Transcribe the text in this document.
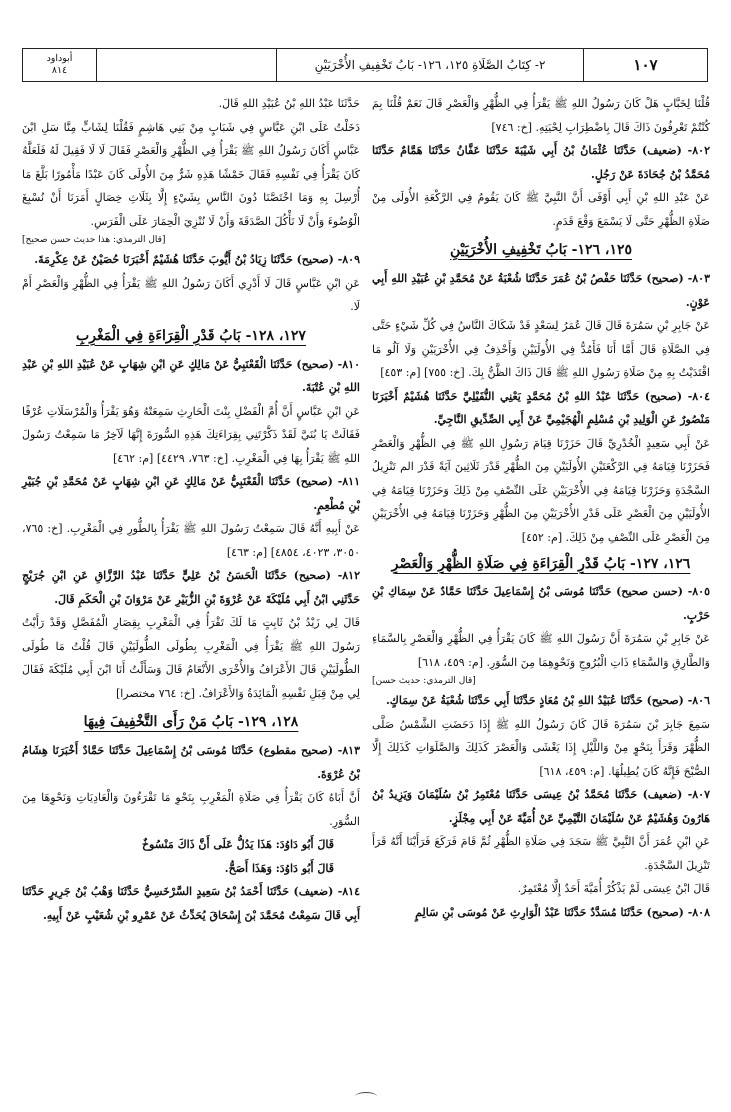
١٠٧
٢- كِتَابُ الصَّلَاةِ ١٢٥، ١٢٦- بَابُ تَخْفِيفِ الأُخْرَيَيْنِ
أبوداود
٨١٤

قُلْنَا لِخَبَّابٍ هَلْ كَانَ رَسُولُ اللهِ ﷺ يَقْرَأُ فِي الظُّهْرِ وَالْعَصْرِ قَالَ نَعَمْ قُلْنَا بِمَ كُنْتُمْ تَعْرِفُونَ ذَاكَ قَالَ بِاضْطِرَابِ لِحْيَتِهِ. [خ: ٧٤٦]

٨٠٢- (ضعيف) حَدَّثَنَا عُثْمَانُ بْنُ أَبِي شَيْبَةَ حَدَّثَنَا عَفَّانُ حَدَّثَنَا هَمَّامٌ حَدَّثَنَا مُحَمَّدُ بْنُ جُحَادَةَ عَنْ رَجُلٍ.

عَنْ عَبْدِ اللهِ بْنِ أَبِي أَوْفَى أَنَّ النَّبِيَّ ﷺ كَانَ يَقُومُ فِي الرَّكْعَةِ الأُولَى مِنْ صَلَاةِ الظُّهْرِ حَتَّى لَا يَسْمَعَ وَقْعَ قَدَمٍ.

١٢٥، ١٢٦- بَابُ تَخْفِيفِ الأُخْرَيَيْنِ

٨٠٣- (صحيح) حَدَّثَنَا حَفْصُ بْنُ عُمَرَ حَدَّثَنَا شُعْبَةُ عَنْ مُحَمَّدِ بْنِ عُبَيْدِ اللهِ أَبِي عَوْنٍ.

عَنْ جَابِرِ بْنِ سَمُرَةَ قَالَ قَالَ عُمَرُ لِسَعْدٍ قَدْ شَكَاكَ النَّاسُ فِي كُلِّ شَيْءٍ حَتَّى فِي الصَّلَاةِ قَالَ أَمَّا أَنَا فَأَمُدُّ فِي الأُولَيَيْنِ وَأَحْذِفُ فِي الأُخْرَيَيْنِ وَلَا آلُو مَا اقْتَدَيْتُ بِهِ مِنْ صَلَاةِ رَسُولِ اللهِ ﷺ قَالَ ذَاكَ الظَّنُّ بِكَ. [خ: ٧٥٥] [م: ٤٥٣]

٨٠٤- (صحيح) حَدَّثَنَا عَبْدُ اللهِ بْنُ مُحَمَّدٍ يَعْنِي النُّفَيْلِيَّ حَدَّثَنَا هُشَيْمٌ أَخْبَرَنَا مَنْصُورٌ عَنِ الْوَلِيدِ بْنِ مُسْلِمٍ الْهُجَيْمِيِّ عَنْ أَبِي الصِّدِّيقِ النَّاجِيِّ.

عَنْ أَبِي سَعِيدٍ الْخُدْرِيِّ قَالَ حَزَرْنَا قِيَامَ رَسُولِ اللهِ ﷺ فِي الظُّهْرِ وَالْعَصْرِ فَحَزَرْنَا قِيَامَهُ فِي الرَّكْعَتَيْنِ الأُولَيَيْنِ مِنَ الظُّهْرِ قَدْرَ ثَلَاثِينَ آيَةً قَدْرَ الم تَنْزِيلُ السَّجْدَةِ وَحَزَرْنَا قِيَامَهُ فِي الأُخْرَيَيْنِ عَلَى النِّصْفِ مِنْ ذَلِكَ وَحَزَرْنَا قِيَامَهُ فِي الأُولَيَيْنِ مِنَ الْعَصْرِ عَلَى قَدْرِ الأُخْرَيَيْنِ مِنَ الظُّهْرِ وَحَزَرْنَا قِيَامَهُ فِي الأُخْرَيَيْنِ مِنَ الْعَصْرِ عَلَى النِّصْفِ مِنْ ذَلِكَ. [م: ٤٥٢]

١٢٦، ١٢٧- بَابُ قَدْرِ الْقِرَاءَةِ فِي صَلَاةِ الظُّهْرِ وَالْعَصْرِ

٨٠٥- (حسن صحيح) حَدَّثَنَا مُوسَى بْنُ إِسْمَاعِيلَ حَدَّثَنَا حَمَّادٌ عَنْ سِمَاكِ بْنِ حَرْبٍ.

عَنْ جَابِرِ بْنِ سَمُرَةَ أَنَّ رَسُولَ اللهِ ﷺ كَانَ يَقْرَأُ فِي الظُّهْرِ وَالْعَصْرِ بِالسَّمَاءِ وَالطَّارِقِ وَالسَّمَاءِ ذَاتِ الْبُرُوجِ وَنَحْوِهِمَا مِنَ السُّوَرِ. [م: ٤٥٩، ٦١٨]

[قال الترمذي: حديث حسن]

٨٠٦- (صحيح) حَدَّثَنَا عُبَيْدُ اللهِ بْنُ مُعَاذٍ حَدَّثَنَا أَبِي حَدَّثَنَا شُعْبَةُ عَنْ سِمَاكٍ.

سَمِعَ جَابِرَ بْنَ سَمُرَةَ قَالَ كَانَ رَسُولُ اللهِ ﷺ إِذَا دَحَضَتِ الشَّمْسُ صَلَّى الظُّهْرَ وَقَرَأَ بِنَحْوٍ مِنْ وَاللَّيْلِ إِذَا يَغْشَى وَالْعَصْرَ كَذَلِكَ وَالصَّلَوَاتِ كَذَلِكَ إِلَّا الصُّبْحَ فَإِنَّهُ كَانَ يُطِيلُهَا. [م: ٤٥٩، ٦١٨]

٨٠٧- (ضعيف) حَدَّثَنَا مُحَمَّدُ بْنُ عِيسَى حَدَّثَنَا مُعْتَمِرُ بْنُ سُلَيْمَانَ وَيَزِيدُ بْنُ هَارُونَ وَهُشَيْمٌ عَنْ سُلَيْمَانَ التَّيْمِيِّ عَنْ أُمَيَّةَ عَنْ أَبِي مِجْلَزٍ.

عَنِ ابْنِ عُمَرَ أَنَّ النَّبِيَّ ﷺ سَجَدَ فِي صَلَاةِ الظُّهْرِ ثُمَّ قَامَ فَرَكَعَ فَرَأَيْنَا أَنَّهُ قَرَأَ تَنْزِيلَ السَّجْدَةِ.

قَالَ ابْنُ عِيسَى لَمْ يَذْكُرْ أُمَيَّةَ أَحَدٌ إِلَّا مُعْتَمِرٌ.

٨٠٨- (صحيح) حَدَّثَنَا مُسَدَّدٌ حَدَّثَنَا عَبْدُ الْوَارِثِ عَنْ مُوسَى بْنِ سَالِمٍ

حَدَّثَنَا عَبْدُ اللهِ بْنُ عُبَيْدِ اللهِ قَالَ.

دَخَلْتُ عَلَى ابْنِ عَبَّاسٍ فِي شَبَابٍ مِنْ بَنِي هَاشِمٍ فَقُلْنَا لِشَابٍّ مِنَّا سَلِ ابْنَ عَبَّاسٍ أَكَانَ رَسُولُ اللهِ ﷺ يَقْرَأُ فِي الظُّهْرِ وَالْعَصْرِ فَقَالَ لَا لَا فَقِيلَ لَهُ فَلَعَلَّهُ كَانَ يَقْرَأُ فِي نَفْسِهِ فَقَالَ خَمْشًا هَذِهِ شَرٌّ مِنَ الأُولَى كَانَ عَبْدًا مَأْمُورًا بَلَّغَ مَا أُرْسِلَ بِهِ وَمَا اخْتَصَّنَا دُونَ النَّاسِ بِشَيْءٍ إِلَّا بِثَلَاثِ خِصَالٍ أَمَرَنَا أَنْ نُسْبِغَ الْوُضُوءَ وَأَنْ لَا نَأْكُلَ الصَّدَقَةَ وَأَنْ لَا نُنْزِيَ الْحِمَارَ عَلَى الْفَرَسِ.

[قال الترمذي: هذا حديث حسن صحيح]

٨٠٩- (صحيح) حَدَّثَنَا زِيَادُ بْنُ أَيُّوبَ حَدَّثَنَا هُشَيْمٌ أَخْبَرَنَا حُصَيْنٌ عَنْ عِكْرِمَةَ.

عَنِ ابْنِ عَبَّاسٍ قَالَ لَا أَدْرِي أَكَانَ رَسُولُ اللهِ ﷺ يَقْرَأُ فِي الظُّهْرِ وَالْعَصْرِ أَمْ لَا.

١٢٧، ١٢٨- بَابُ قَدْرِ الْقِرَاءَةِ فِي الْمَغْرِبِ

٨١٠- (صحيح) حَدَّثَنَا الْقَعْنَبِيُّ عَنْ مَالِكٍ عَنِ ابْنِ شِهَابٍ عَنْ عُبَيْدِ اللهِ بْنِ عَبْدِ اللهِ بْنِ عُتْبَةَ.

عَنِ ابْنِ عَبَّاسٍ أَنَّ أُمَّ الْفَضْلِ بِنْتَ الْحَارِثِ سَمِعَتْهُ وَهُوَ يَقْرَأُ وَالْمُرْسَلَاتِ عُرْفًا فَقَالَتْ يَا بُنَيَّ لَقَدْ ذَكَّرْتَنِي بِقِرَاءَتِكَ هَذِهِ السُّورَةَ إِنَّهَا لَآخِرُ مَا سَمِعْتُ رَسُولَ اللهِ ﷺ يَقْرَأُ بِهَا فِي الْمَغْرِبِ. [خ: ٧٦٣، ٤٤٢٩] [م: ٤٦٢]

٨١١- (صحيح) حَدَّثَنَا الْقَعْنَبِيُّ عَنْ مَالِكٍ عَنِ ابْنِ شِهَابٍ عَنْ مُحَمَّدِ بْنِ جُبَيْرِ بْنِ مُطْعِمٍ.

عَنْ أَبِيهِ أَنَّهُ قَالَ سَمِعْتُ رَسُولَ اللهِ ﷺ يَقْرَأُ بِالطُّورِ فِي الْمَغْرِبِ. [خ: ٧٦٥، ٣٠٥٠، ٤٠٢٣، ٤٨٥٤] [م: ٤٦٣]

٨١٢- (صحيح) حَدَّثَنَا الْحَسَنُ بْنُ عَلِيٍّ حَدَّثَنَا عَبْدُ الرَّزَّاقِ عَنِ ابْنِ جُرَيْجٍ حَدَّثَنِي ابْنُ أَبِي مُلَيْكَةَ عَنْ عُرْوَةَ بْنِ الزُّبَيْرِ عَنْ مَرْوَانَ بْنِ الْحَكَمِ قَالَ.

قَالَ لِي زَيْدُ بْنُ ثَابِتٍ مَا لَكَ تَقْرَأُ فِي الْمَغْرِبِ بِقِصَارِ الْمُفَصَّلِ وَقَدْ رَأَيْتُ رَسُولَ اللهِ ﷺ يَقْرَأُ فِي الْمَغْرِبِ بِطُولَى الطُّولَيَيْنِ قَالَ قُلْتُ مَا طُولَى الطُّولَيَيْنِ قَالَ الأَعْرَافُ وَالأُخْرَى الأَنْعَامُ قَالَ وَسَأَلْتُ أَنَا ابْنَ أَبِي مُلَيْكَةَ فَقَالَ لِي مِنْ قِبَلِ نَفْسِهِ الْمَائِدَةُ وَالأَعْرَافُ. [خ: ٧٦٤ مختصرا]

١٢٨، ١٢٩- بَابُ مَنْ رَأَى التَّخْفِيفَ فِيهَا

٨١٣- (صحيح مقطوع) حَدَّثَنَا مُوسَى بْنُ إِسْمَاعِيلَ حَدَّثَنَا حَمَّادٌ أَخْبَرَنَا هِشَامُ بْنُ عُرْوَةَ.

أَنَّ أَبَاهُ كَانَ يَقْرَأُ فِي صَلَاةِ الْمَغْرِبِ بِنَحْوِ مَا تَقْرَءُونَ وَالْعَادِيَاتِ وَنَحْوِهَا مِنَ السُّوَرِ.

قَالَ أَبُو دَاوُدَ: هَذَا يَدُلُّ عَلَى أَنَّ ذَاكَ مَنْسُوخٌ

قَالَ أَبُو دَاوُدَ: وَهَذَا أَصَحُّ.

٨١٤- (ضعيف) حَدَّثَنَا أَحْمَدُ بْنُ سَعِيدٍ السَّرْخَسِيُّ حَدَّثَنَا وَهْبُ بْنُ جَرِيرٍ حَدَّثَنَا أَبِي قَالَ سَمِعْتُ مُحَمَّدَ بْنَ إِسْحَاقَ يُحَدِّثُ عَنْ عَمْرِو بْنِ شُعَيْبٍ عَنْ أَبِيهِ.
